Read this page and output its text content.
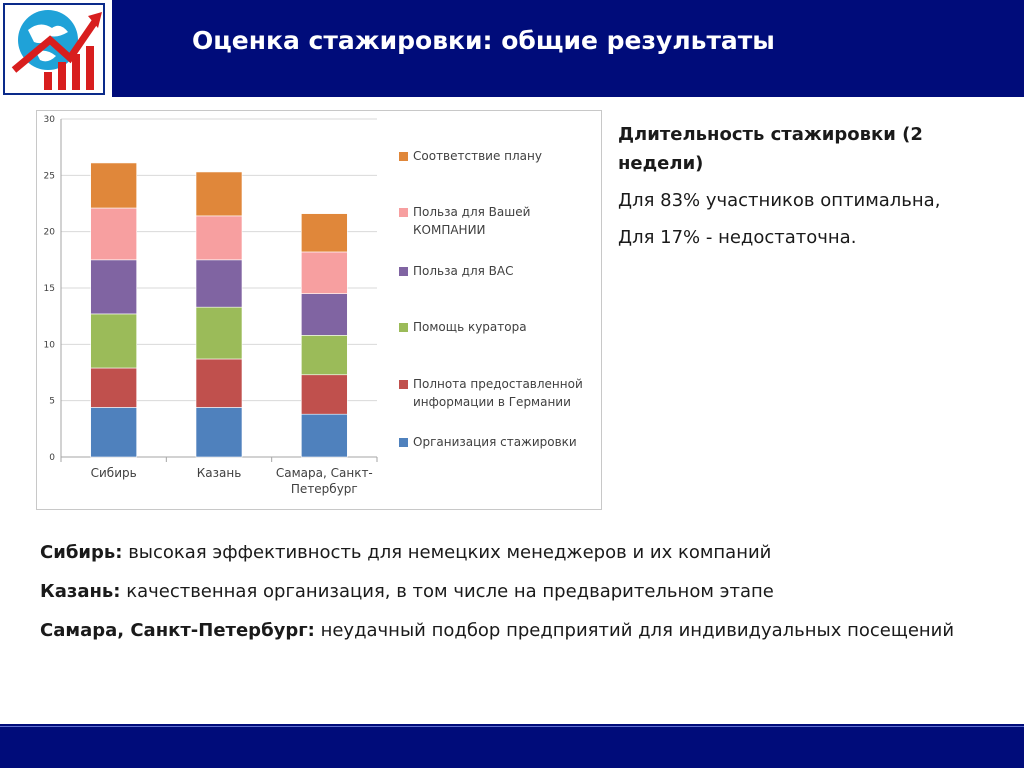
Оценка стажировки: общие результаты
0
5
10
15
20
25
30
Сибирь	Казань	Самара, Санкт-
Петербург
Соответствие плану
Польза для Вашей
КОМПАНИИ
Польза для ВАС
Помощь куратора
Полнота предоставленной
информации в Германии
Организация стажировки

Длительность стажировки (2 недели)

Для 83% участников оптимальна,

Для 17% - недостаточна.

Сибирь: высокая эффективность для немецких менеджеров и их компаний

Казань: качественная организация, в том числе на предварительном этапе

Самара, Санкт-Петербург: неудачный подбор предприятий для индивидуальных посещений
